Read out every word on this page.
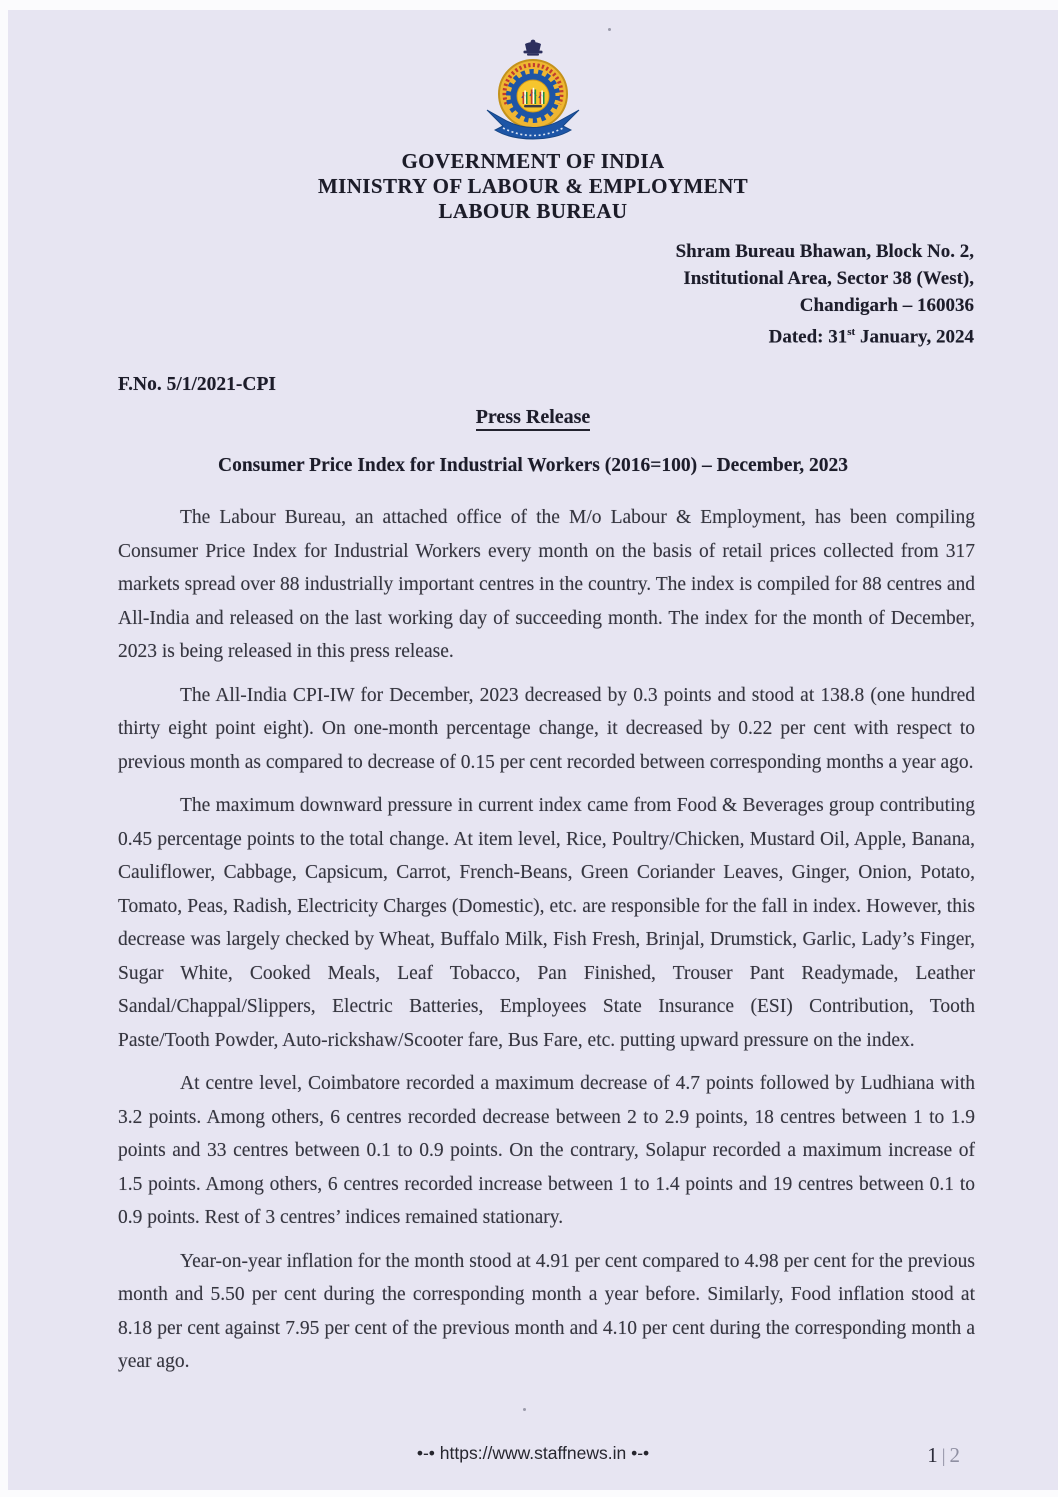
GOVERNMENT OF INDIA
MINISTRY OF LABOUR & EMPLOYMENT
LABOUR BUREAU
Shram Bureau Bhawan, Block No. 2,
Institutional Area, Sector 38 (West),
Chandigarh – 160036
Dated: 31st January, 2024
F.No. 5/1/2021-CPI
Press Release
Consumer Price Index for Industrial Workers (2016=100) – December, 2023

The Labour Bureau, an attached office of the M/o Labour & Employment, has been compiling Consumer Price Index for Industrial Workers every month on the basis of retail prices collected from 317 markets spread over 88 industrially important centres in the country. The index is compiled for 88 centres and All-India and released on the last working day of succeeding month. The index for the month of December, 2023 is being released in this press release.

The All-India CPI-IW for December, 2023 decreased by 0.3 points and stood at 138.8 (one hundred thirty eight point eight). On one-month percentage change, it decreased by 0.22 per cent with respect to previous month as compared to decrease of 0.15 per cent recorded between corresponding months a year ago.

The maximum downward pressure in current index came from Food & Beverages group contributing 0.45 percentage points to the total change. At item level, Rice, Poultry/Chicken, Mustard Oil, Apple, Banana, Cauliflower, Cabbage, Capsicum, Carrot, French-Beans, Green Coriander Leaves, Ginger, Onion, Potato, Tomato, Peas, Radish, Electricity Charges (Domestic), etc. are responsible for the fall in index. However, this decrease was largely checked by Wheat, Buffalo Milk, Fish Fresh, Brinjal, Drumstick, Garlic, Lady’s Finger, Sugar White, Cooked Meals, Leaf Tobacco, Pan Finished, Trouser Pant Readymade, Leather Sandal/Chappal/Slippers, Electric Batteries, Employees State Insurance (ESI) Contribution, Tooth Paste/Tooth Powder, Auto-rickshaw/Scooter fare, Bus Fare, etc. putting upward pressure on the index.

At centre level, Coimbatore recorded a maximum decrease of 4.7 points followed by Ludhiana with 3.2 points. Among others, 6 centres recorded decrease between 2 to 2.9 points, 18 centres between 1 to 1.9 points and 33 centres between 0.1 to 0.9 points. On the contrary, Solapur recorded a maximum increase of 1.5 points. Among others, 6 centres recorded increase between 1 to 1.4 points and 19 centres between 0.1 to 0.9 points. Rest of 3 centres’ indices remained stationary.

Year-on-year inflation for the month stood at 4.91 per cent compared to 4.98 per cent for the previous month and 5.50 per cent during the corresponding month a year before. Similarly, Food inflation stood at 8.18 per cent against 7.95 per cent of the previous month and 4.10 per cent during the corresponding month a year ago.

•-• https://www.staffnews.in •-•	1 | 2
